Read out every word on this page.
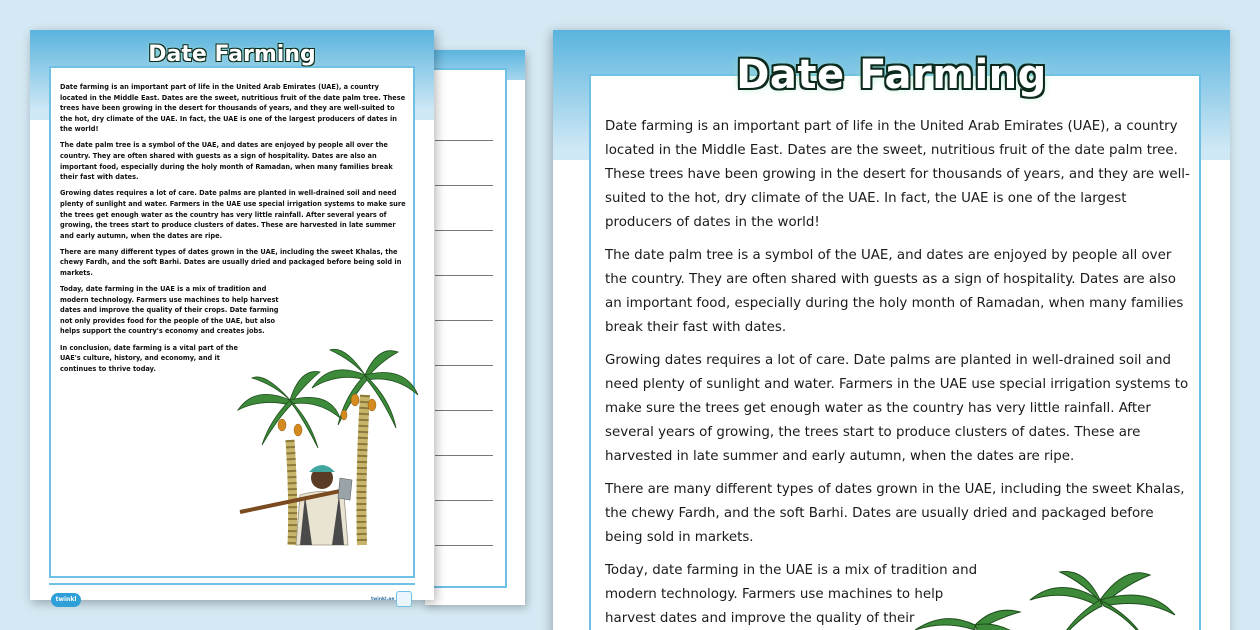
Date Farming
twinkl	twinkl.ae

Date farming is an important part of life in the United Arab Emirates (UAE), a country located in the Middle East. Dates are the sweet, nutritious fruit of the date palm tree. These trees have been growing in the desert for thousands of years, and they are well-suited to the hot, dry climate of the UAE. In fact, the UAE is one of the largest producers of dates in the world!

The date palm tree is a symbol of the UAE, and dates are enjoyed by people all over the country. They are often shared with guests as a sign of hospitality. Dates are also an important food, especially during the holy month of Ramadan, when many families break their fast with dates.

Growing dates requires a lot of care. Date palms are planted in well-drained soil and need plenty of sunlight and water. Farmers in the UAE use special irrigation systems to make sure the trees get enough water as the country has very little rainfall. After several years of growing, the trees start to produce clusters of dates. These are harvested in late summer and early autumn, when the dates are ripe.

There are many different types of dates grown in the UAE, including the sweet Khalas, the chewy Fardh, and the soft Barhi. Dates are usually dried and packaged before being sold in markets.

Today, date farming in the UAE is a mix of tradition and modern technology. Farmers use machines to help harvest dates and improve the quality of their crops. Date farming not only provides food for the people of the UAE, but also helps support the country's economy and creates jobs.

In conclusion, date farming is a vital part of the UAE's culture, history, and economy, and it continues to thrive today.

Date Farming

Date farming is an important part of life in the United Arab Emirates (UAE), a country located in the Middle East. Dates are the sweet, nutritious fruit of the date palm tree. These trees have been growing in the desert for thousands of years, and they are well-suited to the hot, dry climate of the UAE. In fact, the UAE is one of the largest producers of dates in the world!

The date palm tree is a symbol of the UAE, and dates are enjoyed by people all over the country. They are often shared with guests as a sign of hospitality. Dates are also an important food, especially during the holy month of Ramadan, when many families break their fast with dates.

Growing dates requires a lot of care. Date palms are planted in well-drained soil and need plenty of sunlight and water. Farmers in the UAE use special irrigation systems to make sure the trees get enough water as the country has very little rainfall. After several years of growing, the trees start to produce clusters of dates. These are harvested in late summer and early autumn, when the dates are ripe.

There are many different types of dates grown in the UAE, including the sweet Khalas, the chewy Fardh, and the soft Barhi. Dates are usually dried and packaged before being sold in markets.

Today, date farming in the UAE is a mix of tradition and modern technology. Farmers use machines to help harvest dates and improve the quality of their
